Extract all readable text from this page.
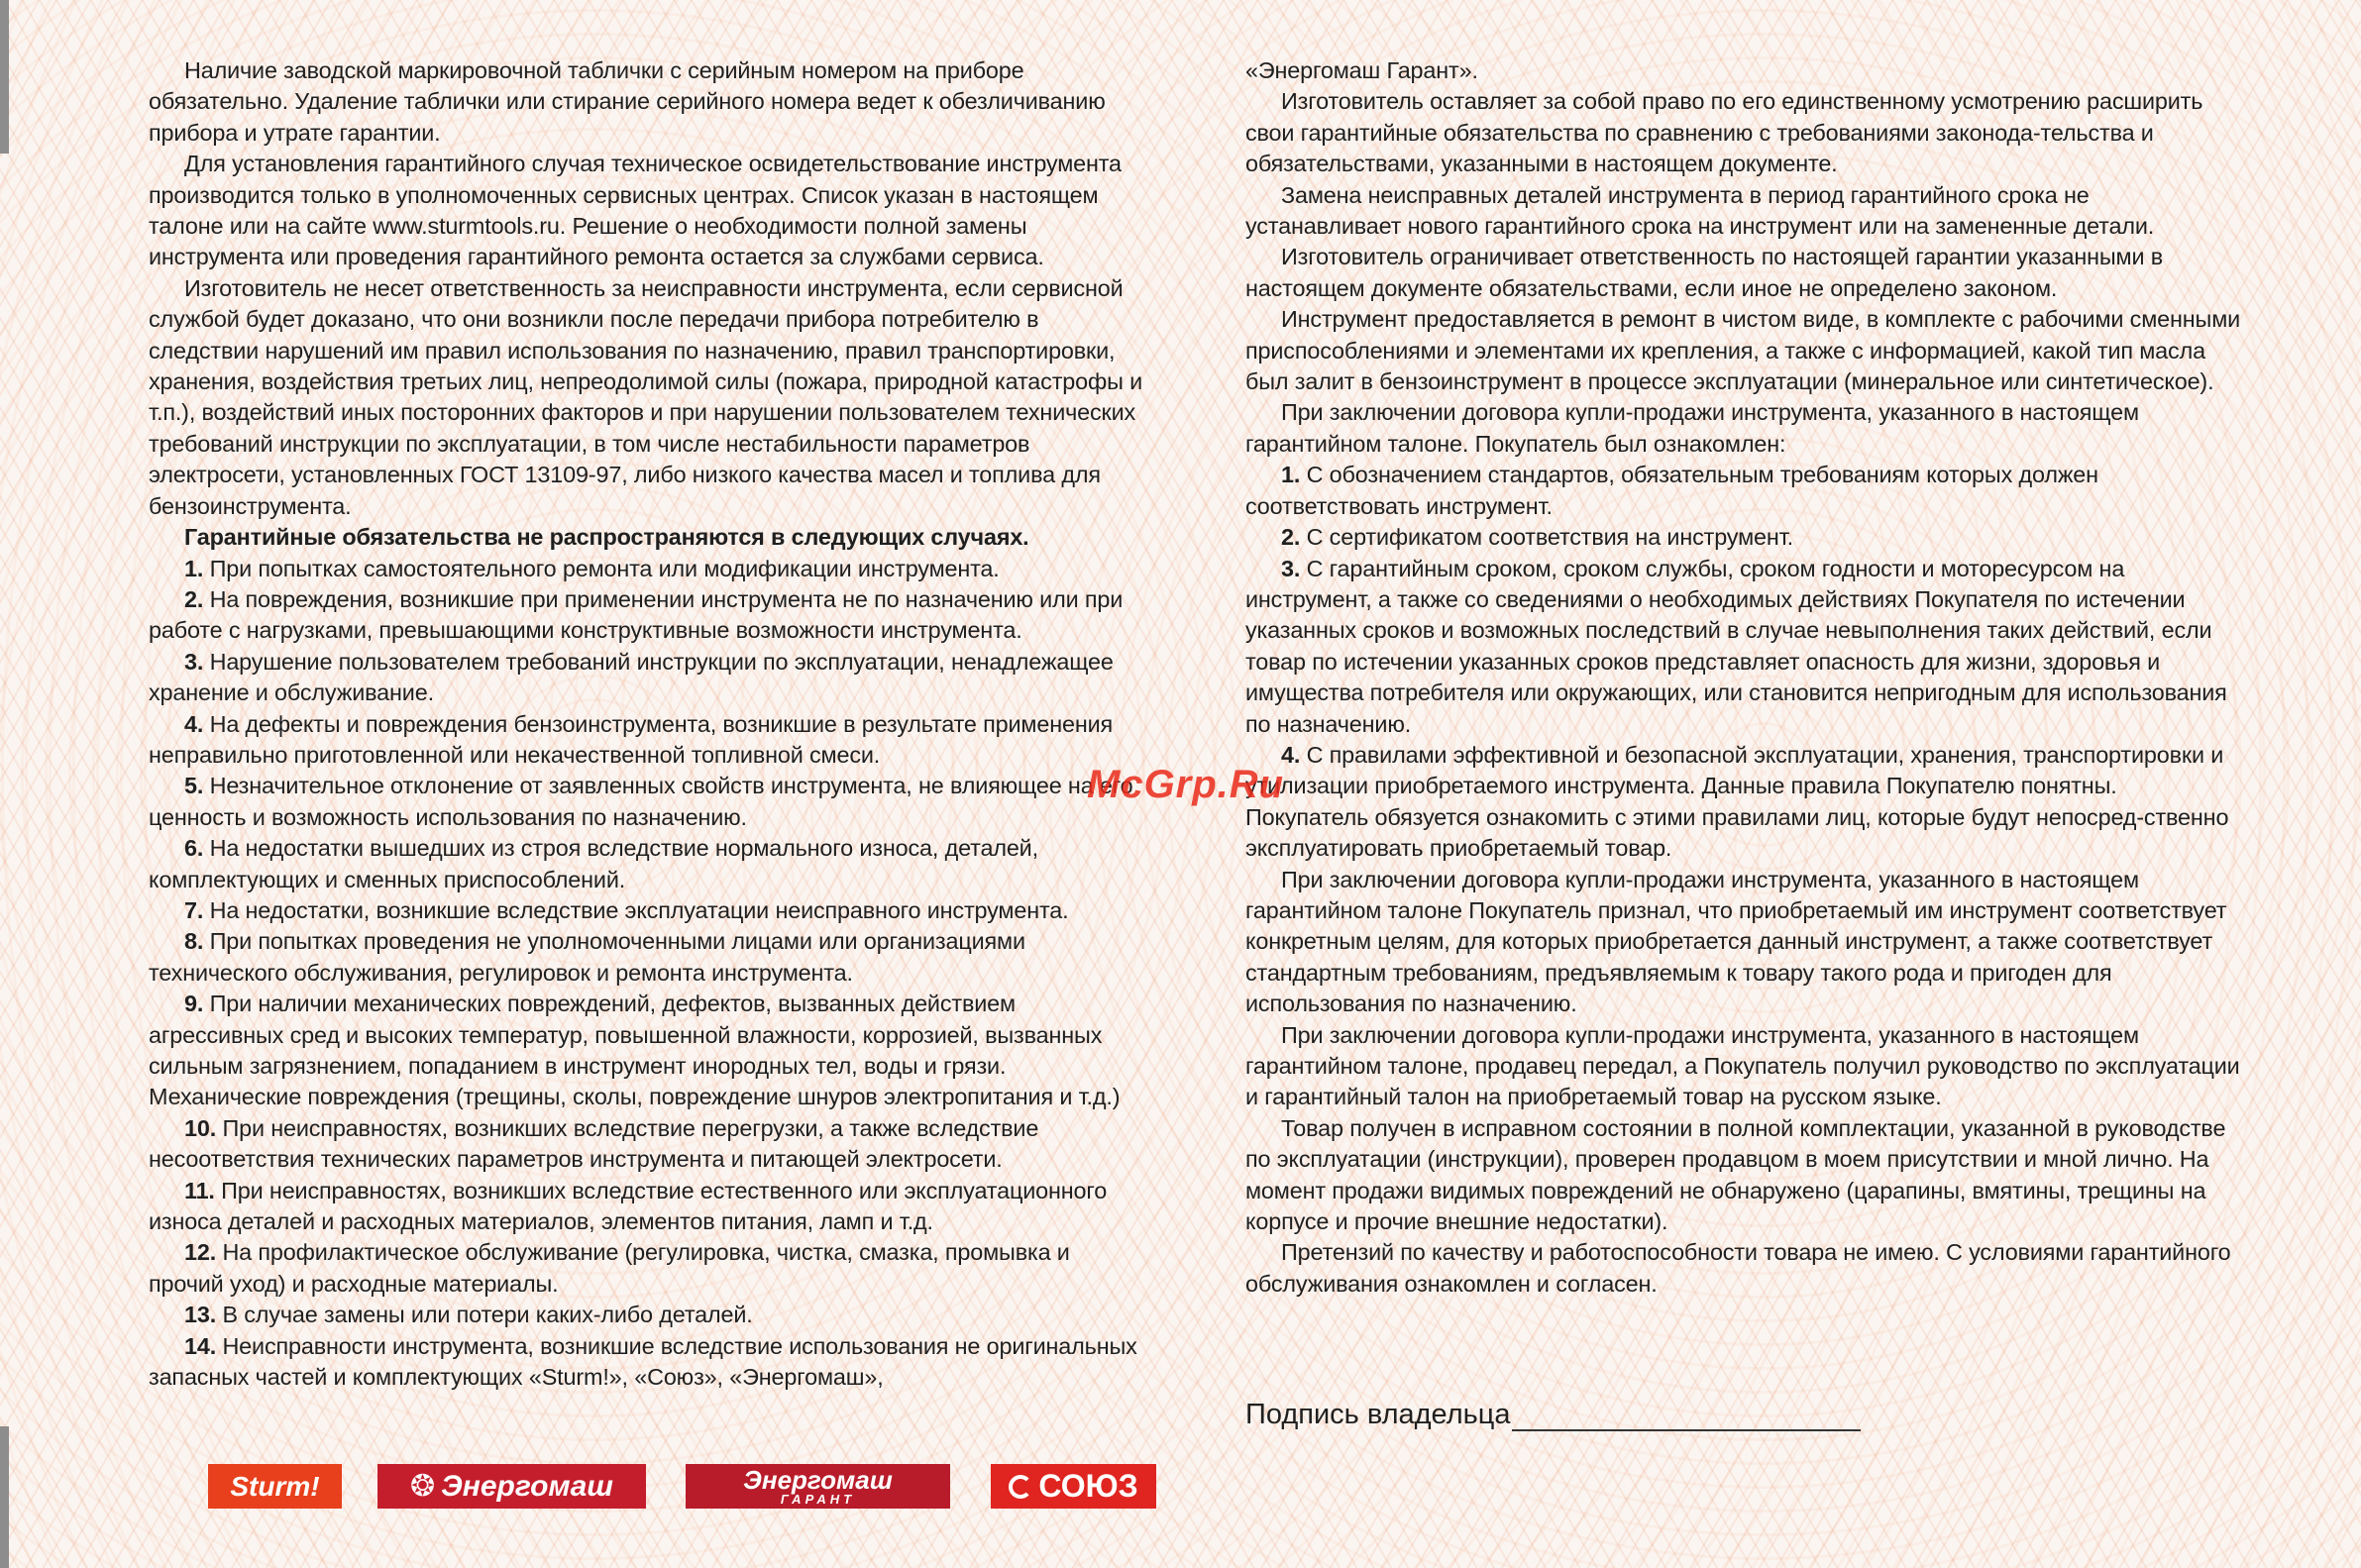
Наличие заводской маркировочной таблички с серийным номером на приборе обязательно. Удаление таблички или стирание серийного номера ведет к обезличиванию прибора и утрате гарантии.

Для установления гарантийного случая техническое освидетельствование инструмента производится только в уполномоченных сервисных центрах. Список указан в настоящем талоне или на сайте www.sturmtools.ru. Решение о необходимости полной замены инструмента или проведения гарантийного ремонта остается за службами сервиса.

Изготовитель не несет ответственность за неисправности инструмента, если сервисной службой будет доказано, что они возникли после передачи прибора потребителю в следствии нарушений им правил использования по назначению, правил транспортировки, хранения, воздействия третьих лиц, непреодолимой силы (пожара, природной катастрофы и т.п.), воздействий иных посторонних факторов и при нарушении пользователем технических требований инструкции по эксплуатации, в том числе нестабильности параметров электросети, установленных ГОСТ 13109-97, либо низкого качества масел и топлива для бензоинструмента.

Гарантийные обязательства не распространяются в следующих случаях.

1. При попытках самостоятельного ремонта или модификации инструмента.

2. На повреждения, возникшие при применении инструмента не по назначению или при работе с нагрузками, превышающими конструктивные возможности инструмента.

3. Нарушение пользователем требований инструкции по эксплуатации, ненадлежащее хранение и обслуживание.

4. На дефекты и повреждения бензоинструмента, возникшие в результате применения неправильно приготовленной или некачественной топливной смеси.

5. Незначительное отклонение от заявленных свойств инструмента, не влияющее на его ценность и возможность использования по назначению.

6. На недостатки вышедших из строя вследствие нормального износа, деталей, комплектующих и сменных приспособлений.

7. На недостатки, возникшие вследствие эксплуатации неисправного инструмента.

8. При попытках проведения не уполномоченными лицами или организациями технического обслуживания, регулировок и ремонта инструмента.

9. При наличии механических повреждений, дефектов, вызванных действием агрессивных сред и высоких температур, повышенной влажности, коррозией, вызванных сильным загрязнением, попаданием в инструмент инородных тел, воды и грязи. Механические повреждения (трещины, сколы, повреждение шнуров электропитания и т.д.)

10. При неисправностях, возникших вследствие перегрузки, а также вследствие несоответствия технических параметров инструмента и питающей электросети.

11. При неисправностях, возникших вследствие естественного или эксплуатационного износа деталей и расходных материалов, элементов питания, ламп и т.д.

12. На профилактическое обслуживание (регулировка, чистка, смазка, промывка и прочий уход) и расходные материалы.

13. В случае замены или потери каких-либо деталей.

14. Неисправности инструмента, возникшие вследствие использования не оригинальных запасных частей и комплектующих «Sturm!», «Союз», «Энергомаш»,

«Энергомаш Гарант».

Изготовитель оставляет за собой право по его единственному усмотрению расширить свои гарантийные обязательства по сравнению с требованиями законода-тельства и обязательствами, указанными в настоящем документе.

Замена неисправных деталей инструмента в период гарантийного срока не устанавливает нового гарантийного срока на инструмент или на замененные детали.

Изготовитель ограничивает ответственность по настоящей гарантии указанными в настоящем документе обязательствами, если иное не определено законом.

Инструмент предоставляется в ремонт в чистом виде, в комплекте с рабочими сменными приспособлениями и элементами их крепления, а также с информацией, какой тип масла был залит в бензоинструмент в процессе эксплуатации (минеральное или синтетическое).

При заключении договора купли-продажи инструмента, указанного в настоящем гарантийном талоне. Покупатель был ознакомлен:

1. С обозначением стандартов, обязательным требованиям которых должен соответствовать инструмент.

2. С сертификатом соответствия на инструмент.

3. С гарантийным сроком, сроком службы, сроком годности и моторесурсом на инструмент, а также со сведениями о необходимых действиях Покупателя по истечении указанных сроков и возможных последствий в случае невыполнения таких действий, если товар по истечении указанных сроков представляет опасность для жизни, здоровья и имущества потребителя или окружающих, или становится непригодным для использования по назначению.

4. С правилами эффективной и безопасной эксплуатации, хранения, транспортировки и утилизации приобретаемого инструмента. Данные правила Покупателю понятны. Покупатель обязуется ознакомить с этими правилами лиц, которые будут непосред-ственно эксплуатировать приобретаемый товар.

При заключении договора купли-продажи инструмента, указанного в настоящем гарантийном талоне Покупатель признал, что приобретаемый им инструмент соответствует конкретным целям, для которых приобретается данный инструмент, а также соответствует стандартным требованиям, предъявляемым к товару такого рода и пригоден для использования по назначению.

При заключении договора купли-продажи инструмента, указанного в настоящем гарантийном талоне, продавец передал, а Покупатель получил руководство по эксплуатации и гарантийный талон на приобретаемый товар на русском языке.

Товар получен в исправном состоянии в полной комплектации, указанной в руководстве по эксплуатации (инструкции), проверен продавцом в моем присутствии и мной лично. На момент продажи видимых повреждений не обнаружено (царапины, вмятины, трещины на корпусе и прочие внешние недостатки).

Претензий по качеству и работоспособности товара не имею. С условиями гарантийного обслуживания ознакомлен и согласен.

McGrp.Ru
Подпись владельца
Sturm!	❂ Энергомаш	Энергомаш
ГАРАНТ	СОЮЗ
